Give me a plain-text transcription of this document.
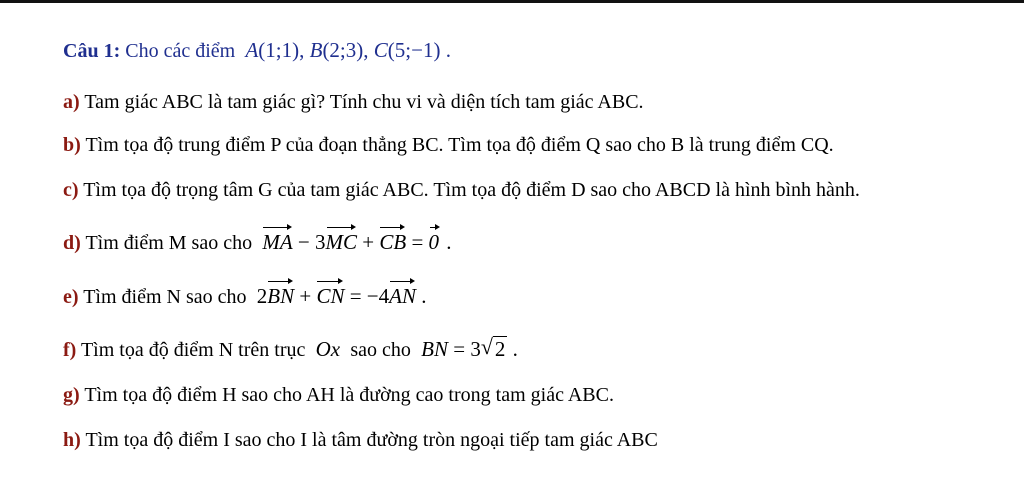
Câu 1: Cho các điểm A(1;1), B(2;3), C(5;−1) .
a) Tam giác ABC là tam giác gì? Tính chu vi và diện tích tam giác ABC.
b) Tìm tọa độ trung điểm P của đoạn thẳng BC. Tìm tọa độ điểm Q sao cho B là trung điểm CQ.
c) Tìm tọa độ trọng tâm G của tam giác ABC. Tìm tọa độ điểm D sao cho ABCD là hình bình hành.
d) Tìm điểm M sao cho MA − 3MC + CB = 0 .
e) Tìm điểm N sao cho  2BN + CN = −4AN .
f) Tìm tọa độ điểm N trên trục Ox sao cho BN = 3 √ 2 .
g) Tìm tọa độ điểm H sao cho AH là đường cao trong tam giác ABC.
h) Tìm tọa độ điểm I sao cho I là tâm đường tròn ngoại tiếp tam giác ABC
